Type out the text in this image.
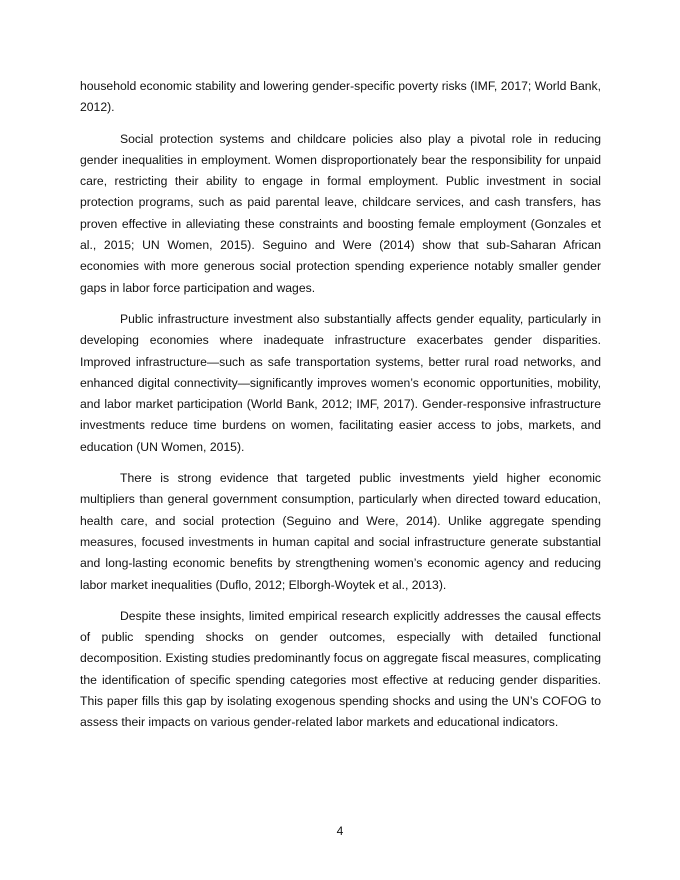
household economic stability and lowering gender-specific poverty risks (IMF, 2017; World Bank, 2012).

Social protection systems and childcare policies also play a pivotal role in reducing gender inequalities in employment. Women disproportionately bear the responsibility for unpaid care, restricting their ability to engage in formal employment. Public investment in social protection programs, such as paid parental leave, childcare services, and cash transfers, has proven effective in alleviating these constraints and boosting female employment (Gonzales et al., 2015; UN Women, 2015). Seguino and Were (2014) show that sub-Saharan African economies with more generous social protection spending experience notably smaller gender gaps in labor force participation and wages.

Public infrastructure investment also substantially affects gender equality, particularly in developing economies where inadequate infrastructure exacerbates gender disparities. Improved infrastructure—such as safe transportation systems, better rural road networks, and enhanced digital connectivity—significantly improves women’s economic opportunities, mobility, and labor market participation (World Bank, 2012; IMF, 2017). Gender-responsive infrastructure investments reduce time burdens on women, facilitating easier access to jobs, markets, and education (UN Women, 2015).

There is strong evidence that targeted public investments yield higher economic multipliers than general government consumption, particularly when directed toward education, health care, and social protection (Seguino and Were, 2014). Unlike aggregate spending measures, focused investments in human capital and social infrastructure generate substantial and long-lasting economic benefits by strengthening women’s economic agency and reducing labor market inequalities (Duflo, 2012; Elborgh-Woytek et al., 2013).

Despite these insights, limited empirical research explicitly addresses the causal effects of public spending shocks on gender outcomes, especially with detailed functional decomposition. Existing studies predominantly focus on aggregate fiscal measures, complicating the identification of specific spending categories most effective at reducing gender disparities. This paper fills this gap by isolating exogenous spending shocks and using the UN’s COFOG to assess their impacts on various gender-related labor markets and educational indicators.

4
